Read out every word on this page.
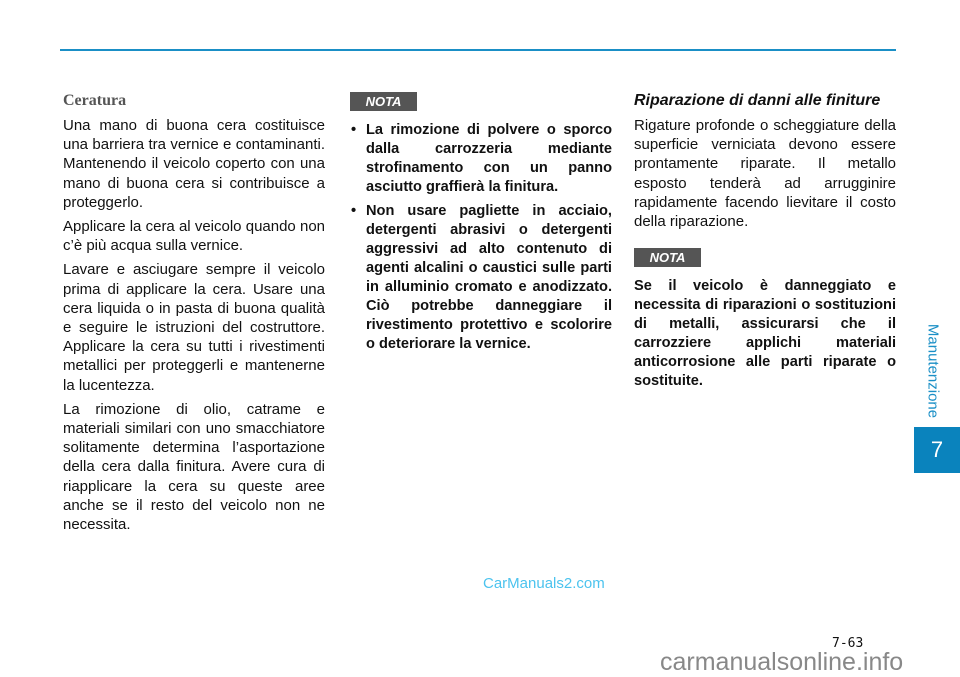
Ceratura

Una mano di buona cera costituisce una barriera tra vernice e contaminanti. Mantenendo il veicolo coperto con una mano di buona cera si contribuisce a proteggerlo.

Applicare la cera al veicolo quando non c’è più acqua sulla vernice.

Lavare e asciugare sempre il veicolo prima di applicare la cera. Usare una cera liquida o in pasta di buona qualità e seguire le istruzioni del costruttore. Applicare la cera su tutti i rivestimenti metallici per proteggerli e mantenerne la lucentezza.

La rimozione di olio, catrame e materiali similari con uno smacchiatore solitamente determina l’asportazione della cera dalla finitura. Avere cura di riapplicare la cera su queste aree anche se il resto del veicolo non ne necessita.

NOTA
• La rimozione di polvere o sporco dalla carrozzeria mediante strofinamento con un panno asciutto graffierà la finitura.
• Non usare pagliette in acciaio, detergenti abrasivi o detergenti aggressivi ad alto contenuto di agenti alcalini o caustici sulle parti in alluminio cromato e anodizzato. Ciò potrebbe danneggiare il rivestimento protettivo e scolorire o deteriorare la vernice.
Riparazione di danni alle finiture

Rigature profonde o scheggiature della superficie verniciata devono essere prontamente riparate. Il metallo esposto tenderà ad arrugginire rapidamente facendo lievitare il costo della riparazione.

NOTA

Se il veicolo è danneggiato e necessita di riparazioni o sostituzioni di metalli, assicurarsi che il carrozziere applichi materiali anticorrosione alle parti riparate o sostituite.	Manutenzione
7
CarManuals2.com
7-63
carmanualsonline.info
